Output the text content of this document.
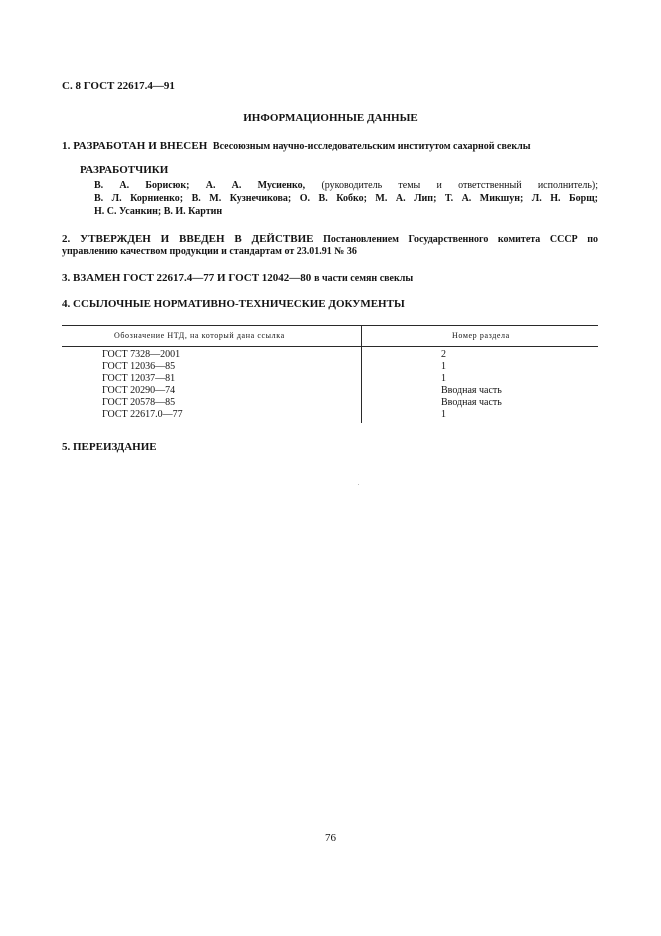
С. 8 ГОСТ 22617.4—91
ИНФОРМАЦИОННЫЕ ДАННЫЕ
1. РАЗРАБОТАН И ВНЕСЕН Всесоюзным научно-исследовательским институтом сахарной свеклы
РАЗРАБОТЧИКИ
В. А. Борисюк; А. А. Мусиенко, (руководитель темы и ответственный исполнитель);
В. Л. Корниенко; В. М. Кузнечикова; О. В. Кобко; М. А. Лип; Т. А. Микшун; Л. Н. Борщ;
Н. С. Усанкин; В. И. Картин
2. УТВЕРЖДЕН И ВВЕДЕН В ДЕЙСТВИЕ Постановлением Государственного комитета СССР по
управлению качеством продукции и стандартам от 23.01.91 № 36
3. ВЗАМЕН ГОСТ 22617.4—77 И ГОСТ 12042—80 в части семян свеклы
4. ССЫЛОЧНЫЕ НОРМАТИВНО-ТЕХНИЧЕСКИЕ ДОКУМЕНТЫ
Обозначение НТД, на который дана ссылка	Номер раздела
ГОСТ 7328—2001	2
ГОСТ 12036—85	1
ГОСТ 12037—81	1
ГОСТ 20290—74	Вводная часть
ГОСТ 20578—85	Вводная часть
ГОСТ 22617.0—77	1
5. ПЕРЕИЗДАНИЕ
76
